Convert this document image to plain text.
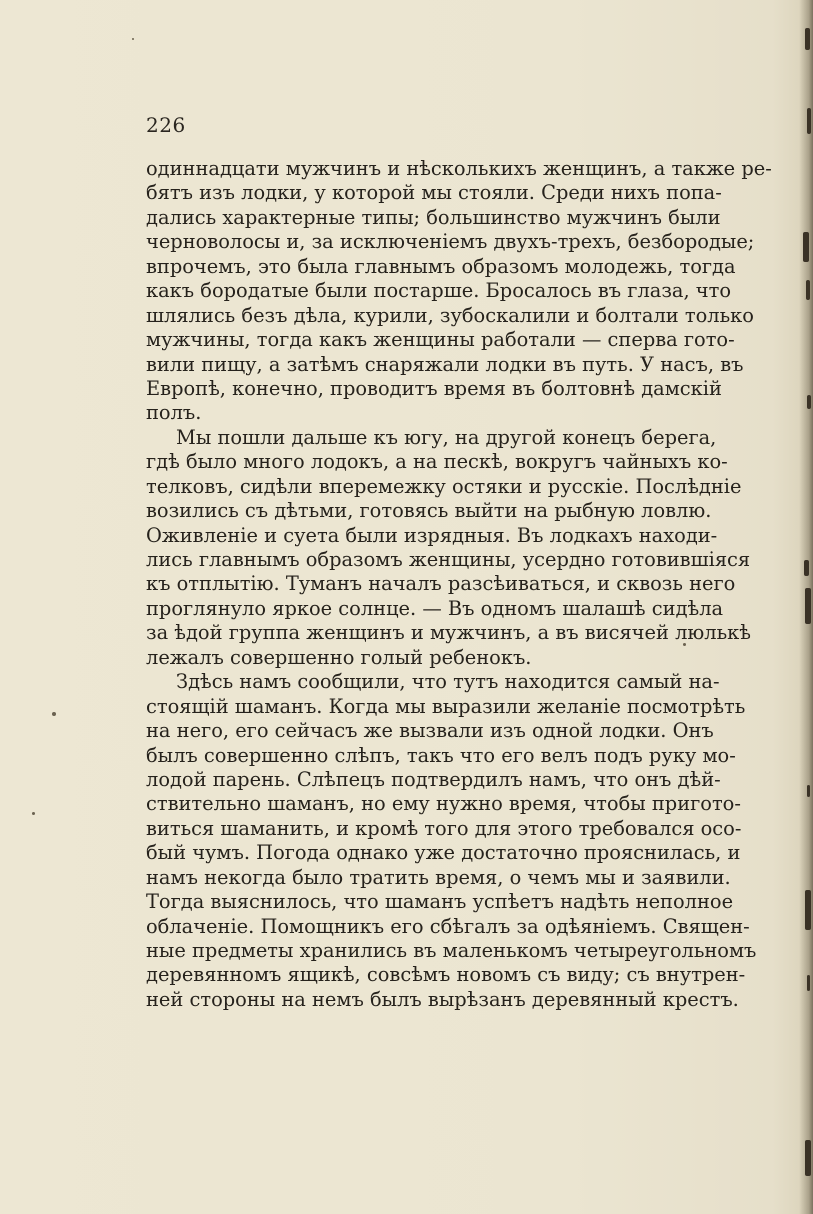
226
одиннадцати мужчинъ и нѣсколькихъ женщинъ, а также ре-
бятъ изъ лодки, у которой мы стояли. Среди нихъ попа-
дались характерные типы; большинство мужчинъ были
черноволосы и, за исключенiемъ двухъ-трехъ, безбородые;
впрочемъ, это была главнымъ образомъ молодежь, тогда
какъ бородатые были постарше. Бросалось въ глаза, что
шлялись безъ дѣла, курили, зубоскалили и болтали только
мужчины, тогда какъ женщины работали — сперва гото-
вили пищу, а затѣмъ снаряжали лодки въ путь. У насъ, въ
Европѣ, конечно, проводитъ время въ болтовнѣ дамскiй
полъ.
Мы пошли дальше къ югу, на другой конецъ берега,
гдѣ было много лодокъ, а на пескѣ, вокругъ чайныхъ ко-
телковъ, сидѣли вперемежку остяки и русскiе. Послѣднiе
возились съ дѣтьми, готовясь выйти на рыбную ловлю.
Оживленiе и суета были изрядныя. Въ лодкахъ находи-
лись главнымъ образомъ женщины, усердно готовившiяся
къ отплытiю. Туманъ началъ разсѣиваться, и сквозь него
проглянуло яркое солнце. — Въ одномъ шалашѣ сидѣла
за ѣдой группа женщинъ и мужчинъ, а въ висячей люлькѣ
лежалъ совершенно голый ребенокъ.
Здѣсь намъ сообщили, что тутъ находится самый на-
стоящiй шаманъ. Когда мы выразили желанiе посмотрѣть
на него, его сейчасъ же вызвали изъ одной лодки. Онъ
былъ совершенно слѣпъ, такъ что его велъ подъ руку мо-
лодой парень. Слѣпецъ подтвердилъ намъ, что онъ дѣй-
ствительно шаманъ, но ему нужно время, чтобы пригото-
виться шаманить, и кромѣ того для этого требовался осо-
бый чумъ. Погода однако уже достаточно прояснилась, и
намъ некогда было тратить время, о чемъ мы и заявили.
Тогда выяснилось, что шаманъ успѣетъ надѣть неполное
облаченiе. Помощникъ его сбѣгалъ за одѣянiемъ. Священ-
ные предметы хранились въ маленькомъ четыреугольномъ
деревянномъ ящикѣ, совсѣмъ новомъ съ виду; съ внутрен-
ней стороны на немъ былъ вырѣзанъ деревянный крестъ.
